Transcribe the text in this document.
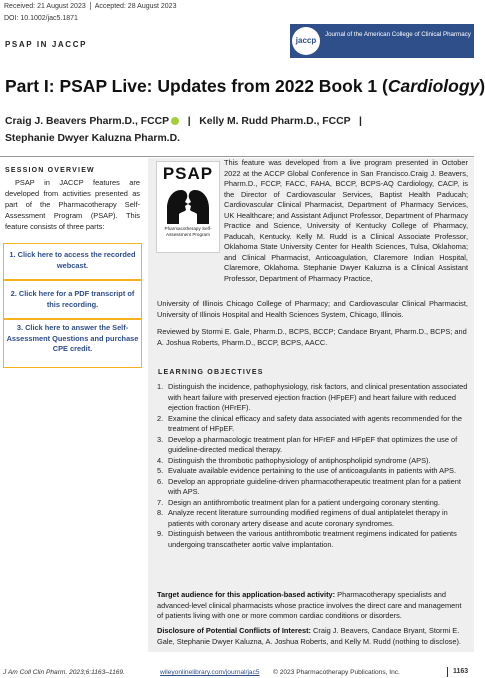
Received: 21 August 2023 Accepted: 28 August 2023
DOI: 10.1002/jac5.1871
PSAP IN JACCP	jaccp
Journal of the American College of Clinical Pharmacy
Part I: PSAP Live: Updates from 2022 Book 1 (Cardiology)
Craig J. Beavers Pharm.D., FCCP | Kelly M. Rudd Pharm.D., FCCP |
Stephanie Dwyer Kaluzna Pharm.D.
SESSION OVERVIEW
PSAP in JACCP features are developed from activities presented as part of the Pharmacotherapy Self-Assessment Program (PSAP). This feature consists of three parts:
1. Click here to access the recorded webcast.
2. Click here for a PDF transcript of this recording.
3. Click here to answer the Self-Assessment Questions and purchase CPE credit.
PSAP
Pharmacotherapy Self-Assessment Program
This feature was developed from a live program presented in October 2022 at the ACCP Global Conference in San Francisco.Craig J. Beavers, Pharm.D., FCCP, FACC, FAHA, BCCP, BCPS-AQ Cardiology, CACP, is the Director of Cardiovascular Services, Baptist Health Paducah; Cardiovascular Clinical Pharmacist, Department of Pharmacy Services, UK Healthcare; and Assistant Adjunct Professor, Department of Pharmacy Practice and Science, University of Kentucky College of Pharmacy, Paducah, Kentucky. Kelly M. Rudd is a Clinical Associate Professor, Oklahoma State University Center for Health Sciences, Tulsa, Oklahoma; and Clinical Pharmacist, Anticoagulation, Claremore Indian Hospital, Claremore, Oklahoma. Stephanie Dwyer Kaluzna is a Clinical Assistant Professor, Department of Pharmacy Practice,
University of Illinois Chicago College of Pharmacy; and Cardiovascular Clinical Pharmacist, University of Illinois Hospital and Health Sciences System, Chicago, Illinois.
Reviewed by Stormi E. Gale, Pharm.D., BCPS, BCCP; Candace Bryant, Pharm.D., BCPS; and A. Joshua Roberts, Pharm.D., BCCP, BCPS, AACC.
LEARNING OBJECTIVES
1. Distinguish the incidence, pathophysiology, risk factors, and clinical presentation associated with heart failure with preserved ejection fraction (HFpEF) and heart failure with reduced ejection fraction (HFrEF).
2. Examine the clinical efficacy and safety data associated with agents recommended for the treatment of HFpEF.
3. Develop a pharmacologic treatment plan for HFrEF and HFpEF that optimizes the use of guideline-directed medical therapy.
4. Distinguish the thrombotic pathophysiology of antiphospholipid syndrome (APS).
5. Evaluate available evidence pertaining to the use of anticoagulants in patients with APS.
6. Develop an appropriate guideline-driven pharmacotherapeutic treatment plan for a patient with APS.
7. Design an antithrombotic treatment plan for a patient undergoing coronary stenting.
8. Analyze recent literature surrounding modified regimens of dual antiplatelet therapy in patients with coronary artery disease and acute coronary syndromes.
9. Distinguish between the various antithrombotic treatment regimens indicated for patients undergoing transcatheter aortic valve implantation.
Target audience for this application-based activity: Pharmacotherapy specialists and advanced-level clinical pharmacists whose practice involves the direct care and management of patients living with one or more common cardiac conditions or disorders.
Disclosure of Potential Conflicts of Interest: Craig J. Beavers, Candace Bryant, Stormi E. Gale, Stephanie Dwyer Kaluzna, A. Joshua Roberts, and Kelly M. Rudd (nothing to disclose).
J Am Coll Clin Pharm. 2023;6:1163–1169.	wileyonlinelibrary.com/journal/jac5 © 2023 Pharmacotherapy Publications, Inc.	1163
